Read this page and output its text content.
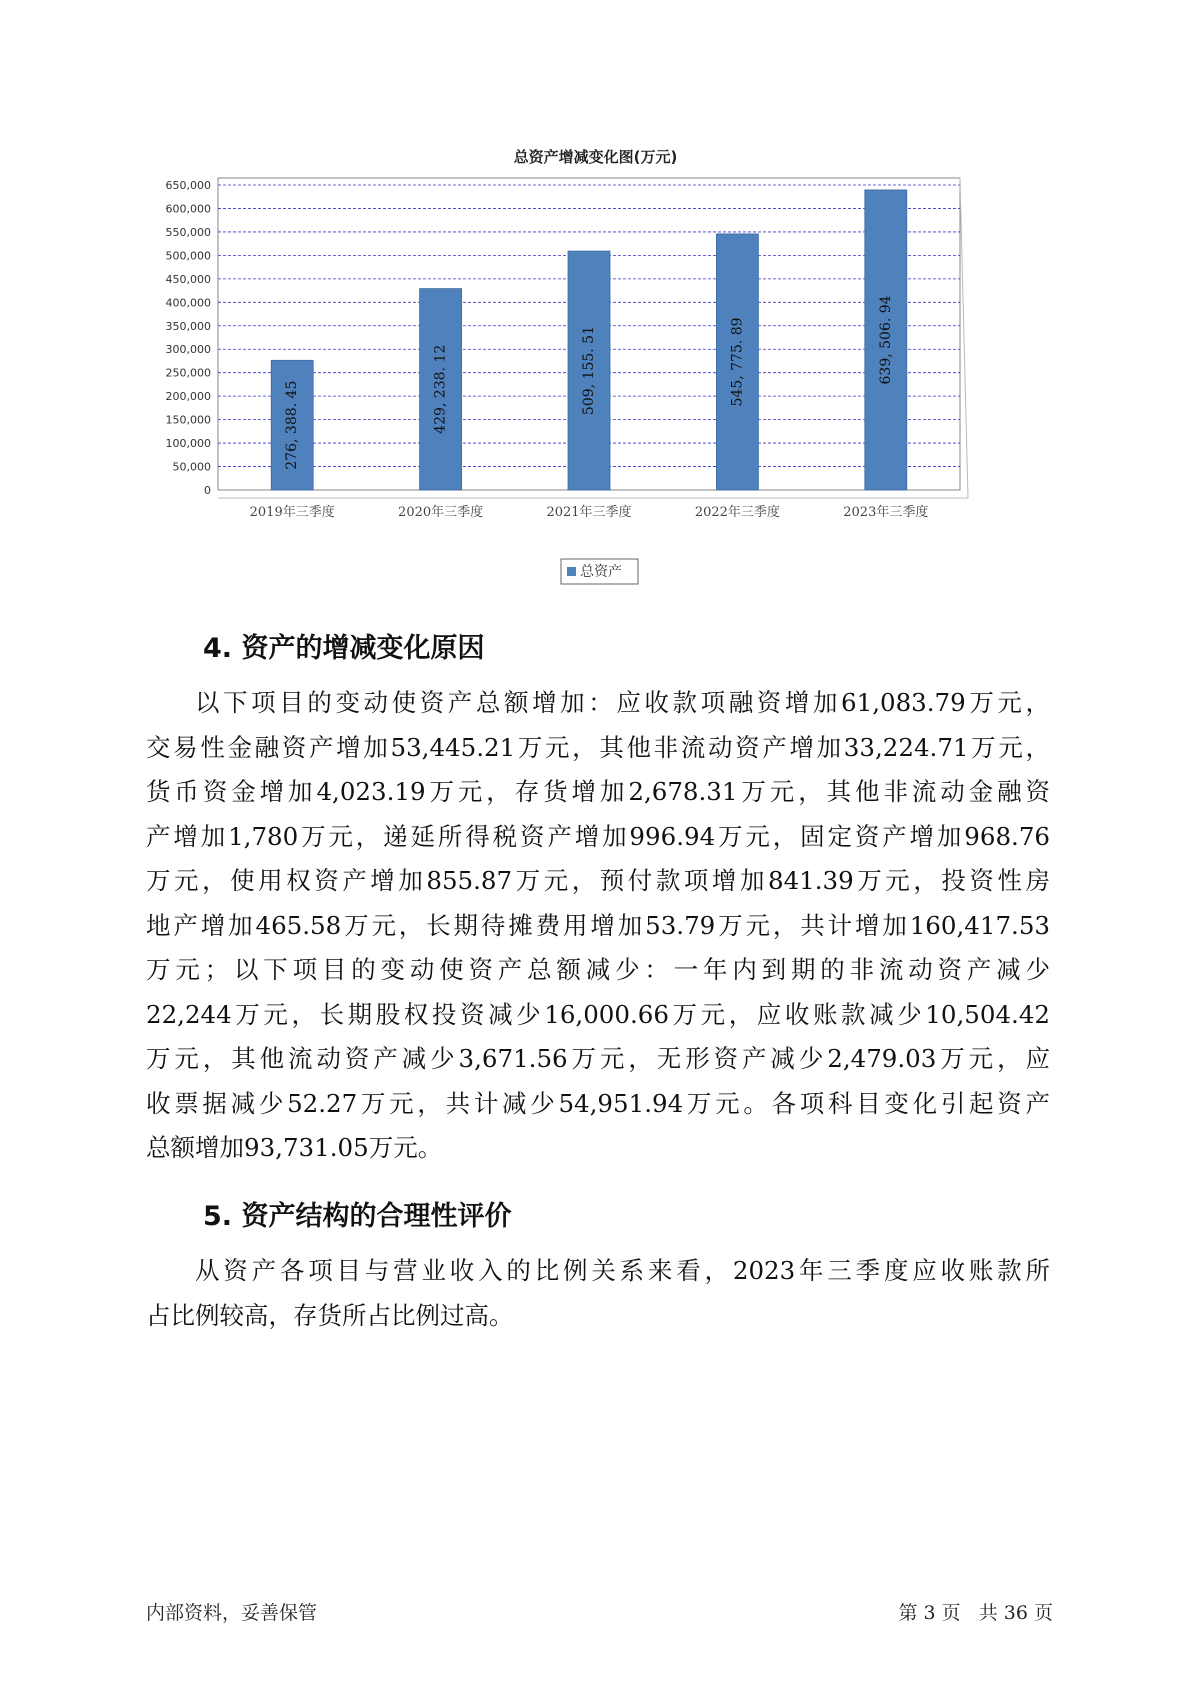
总资产增减变化图(万元)
0
50,000
100,000
150,000
200,000
250,000
300,000
350,000
400,000
450,000
500,000
550,000
600,000
650,000
276, 388. 45
2019年三季度
429, 238. 12
2020年三季度
509, 155. 51
2021年三季度
545, 775. 89
2022年三季度
639, 506. 94
2023年三季度
总资产
4. 资产的增减变化原因
以下项目的变动使资产总额增加：应收款项融资增加61,083.79万元，
交易性金融资产增加53,445.21万元，其他非流动资产增加33,224.71万元，
货币资金增加4,023.19万元，存货增加2,678.31万元，其他非流动金融资
产增加1,780万元，递延所得税资产增加996.94万元，固定资产增加968.76
万元，使用权资产增加855.87万元，预付款项增加841.39万元，投资性房
地产增加465.58万元，长期待摊费用增加53.79万元，共计增加160,417.53
万元；以下项目的变动使资产总额减少：一年内到期的非流动资产减少
22,244万元，长期股权投资减少16,000.66万元，应收账款减少10,504.42
万元，其他流动资产减少3,671.56万元，无形资产减少2,479.03万元，应
收票据减少52.27万元，共计减少54,951.94万元。各项科目变化引起资产
总额增加93,731.05万元。
5. 资产结构的合理性评价
从资产各项目与营业收入的比例关系来看，2023年三季度应收账款所
占比例较高，存货所占比例过高。
内部资料，妥善保管	第 3 页   共 36 页
